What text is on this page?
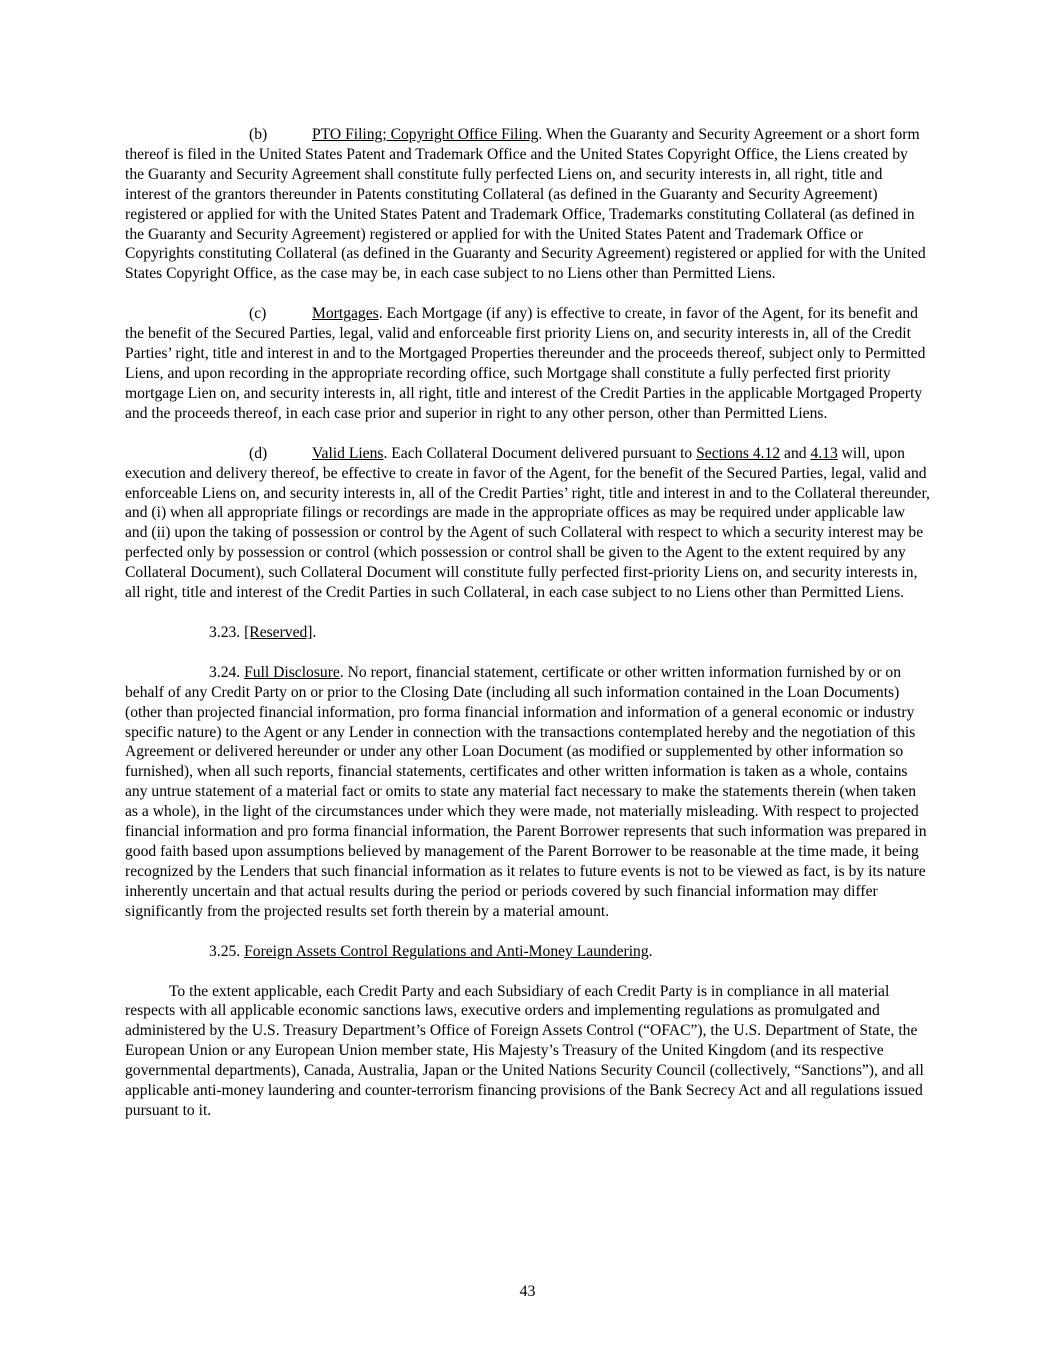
(b)	PTO Filing; Copyright Office Filing. When the Guaranty and Security Agreement or a short form thereof is filed in the United States Patent and Trademark Office and the United States Copyright Office, the Liens created by the Guaranty and Security Agreement shall constitute fully perfected Liens on, and security interests in, all right, title and interest of the grantors thereunder in Patents constituting Collateral (as defined in the Guaranty and Security Agreement) registered or applied for with the United States Patent and Trademark Office, Trademarks constituting Collateral (as defined in the Guaranty and Security Agreement) registered or applied for with the United States Patent and Trademark Office or Copyrights constituting Collateral (as defined in the Guaranty and Security Agreement) registered or applied for with the United States Copyright Office, as the case may be, in each case subject to no Liens other than Permitted Liens.

(c)	Mortgages. Each Mortgage (if any) is effective to create, in favor of the Agent, for its benefit and the benefit of the Secured Parties, legal, valid and enforceable first priority Liens on, and security interests in, all of the Credit Parties’ right, title and interest in and to the Mortgaged Properties thereunder and the proceeds thereof, subject only to Permitted Liens, and upon recording in the appropriate recording office, such Mortgage shall constitute a fully perfected first priority mortgage Lien on, and security interests in, all right, title and interest of the Credit Parties in the applicable Mortgaged Property and the proceeds thereof, in each case prior and superior in right to any other person, other than Permitted Liens.

(d)	Valid Liens. Each Collateral Document delivered pursuant to Sections 4.12 and 4.13 will, upon execution and delivery thereof, be effective to create in favor of the Agent, for the benefit of the Secured Parties, legal, valid and enforceable Liens on, and security interests in, all of the Credit Parties’ right, title and interest in and to the Collateral thereunder, and (i) when all appropriate filings or recordings are made in the appropriate offices as may be required under applicable law and (ii) upon the taking of possession or control by the Agent of such Collateral with respect to which a security interest may be perfected only by possession or control (which possession or control shall be given to the Agent to the extent required by any Collateral Document), such Collateral Document will constitute fully perfected first-priority Liens on, and security interests in, all right, title and interest of the Credit Parties in such Collateral, in each case subject to no Liens other than Permitted Liens.

3.23. [Reserved].

3.24. Full Disclosure. No report, financial statement, certificate or other written information furnished by or on behalf of any Credit Party on or prior to the Closing Date (including all such information contained in the Loan Documents) (other than projected financial information, pro forma financial information and information of a general economic or industry specific nature) to the Agent or any Lender in connection with the transactions contemplated hereby and the negotiation of this Agreement or delivered hereunder or under any other Loan Document (as modified or supplemented by other information so furnished), when all such reports, financial statements, certificates and other written information is taken as a whole, contains any untrue statement of a material fact or omits to state any material fact necessary to make the statements therein (when taken as a whole), in the light of the circumstances under which they were made, not materially misleading. With respect to projected financial information and pro forma financial information, the Parent Borrower represents that such information was prepared in good faith based upon assumptions believed by management of the Parent Borrower to be reasonable at the time made, it being recognized by the Lenders that such financial information as it relates to future events is not to be viewed as fact, is by its nature inherently uncertain and that actual results during the period or periods covered by such financial information may differ significantly from the projected results set forth therein by a material amount.

3.25. Foreign Assets Control Regulations and Anti-Money Laundering.

To the extent applicable, each Credit Party and each Subsidiary of each Credit Party is in compliance in all material respects with all applicable economic sanctions laws, executive orders and implementing regulations as promulgated and administered by the U.S. Treasury Department’s Office of Foreign Assets Control (“OFAC”), the U.S. Department of State, the European Union or any European Union member state, His Majesty’s Treasury of the United Kingdom (and its respective governmental departments), Canada, Australia, Japan or the United Nations Security Council (collectively, “Sanctions”), and all applicable anti-money laundering and counter-terrorism financing provisions of the Bank Secrecy Act and all regulations issued pursuant to it.

43
